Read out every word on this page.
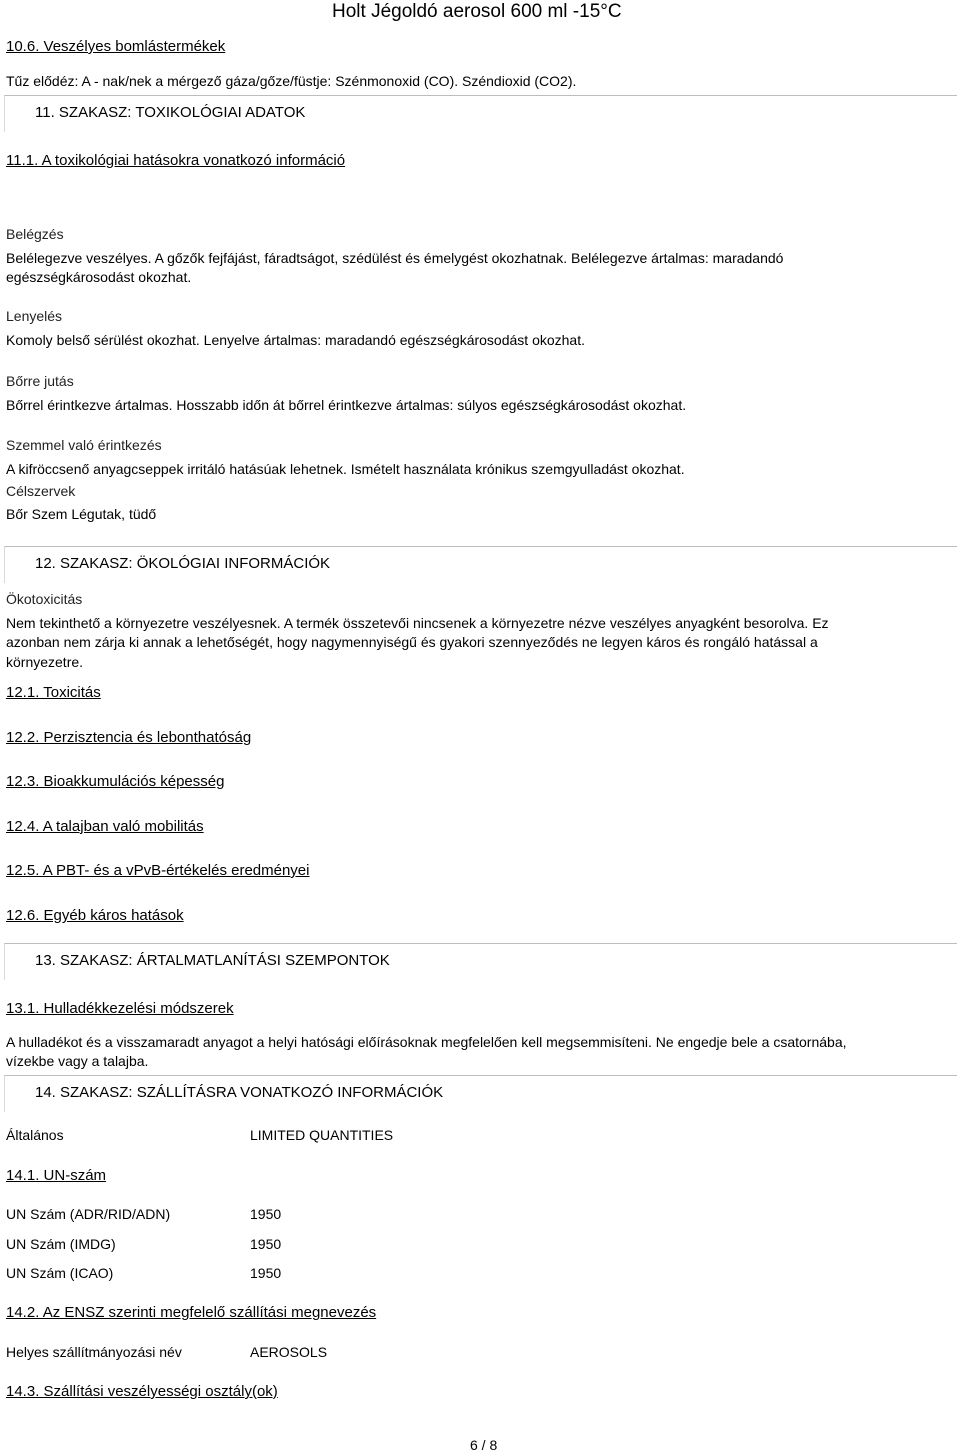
Holt Jégoldó aerosol 600 ml -15°C
10.6. Veszélyes bomlástermékek
Tűz elődéz: A - nak/nek a mérgező gáza/gőze/füstje: Szénmonoxid (CO). Széndioxid (CO2).
11. SZAKASZ: TOXIKOLÓGIAI ADATOK
11.1. A toxikológiai hatásokra vonatkozó információ
Belégzés
Belélegezve veszélyes. A gőzők fejfájást, fáradtságot, szédülést és émelygést okozhatnak. Belélegezve ártalmas: maradandó
egészségkárosodást okozhat.
Lenyelés
Komoly belső sérülést okozhat. Lenyelve ártalmas: maradandó egészségkárosodást okozhat.
Bőrre jutás
Bőrrel érintkezve ártalmas. Hosszabb időn át bőrrel érintkezve ártalmas: súlyos egészségkárosodást okozhat.
Szemmel való érintkezés
A kifröccsenő anyagcseppek irritáló hatásúak lehetnek. Ismételt használata krónikus szemgyulladást okozhat.
Célszervek
Bőr Szem Légutak, tüdő
12. SZAKASZ: ÖKOLÓGIAI INFORMÁCIÓK
Ökotoxicitás
Nem tekinthető a környezetre veszélyesnek. A termék összetevői nincsenek a környezetre nézve veszélyes anyagként besorolva. Ez
azonban nem zárja ki annak a lehetőségét, hogy nagymennyiségű és gyakori szennyeződés ne legyen káros és rongáló hatással a
környezetre.
12.1. Toxicitás
12.2. Perzisztencia és lebonthatóság
12.3. Bioakkumulációs képesség
12.4. A talajban való mobilitás
12.5. A PBT- és a vPvB-értékelés eredményei
12.6. Egyéb káros hatások
13. SZAKASZ: ÁRTALMATLANÍTÁSI SZEMPONTOK
13.1. Hulladékkezelési módszerek
A hulladékot és a visszamaradt anyagot a helyi hatósági előírásoknak megfelelően kell megsemmisíteni. Ne engedje bele a csatornába,
vízekbe vagy a talajba.
14. SZAKASZ: SZÁLLÍTÁSRA VONATKOZÓ INFORMÁCIÓK
Általános	LIMITED QUANTITIES
14.1. UN-szám
UN Szám (ADR/RID/ADN)	1950
UN Szám (IMDG)	1950
UN Szám (ICAO)	1950
14.2. Az ENSZ szerinti megfelelő szállítási megnevezés
Helyes szállítmányozási név	AEROSOLS
14.3. Szállítási veszélyességi osztály(ok)
6 / 8
